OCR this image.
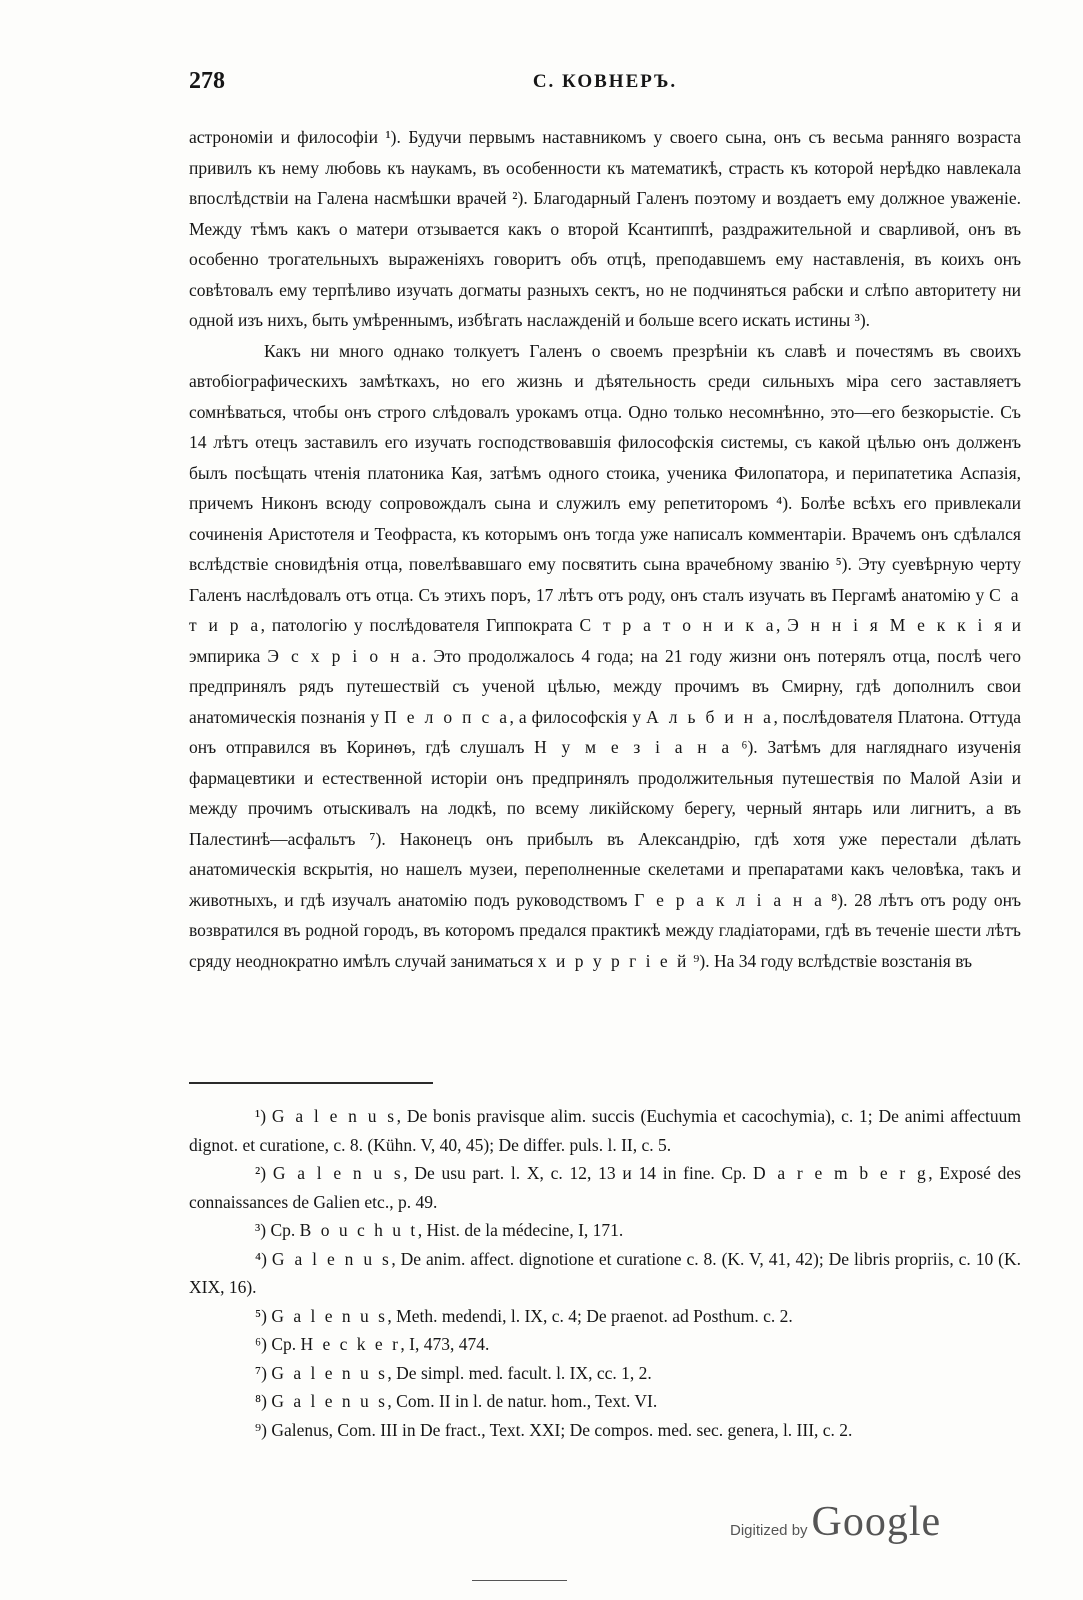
278	С. КОВНЕРЪ.

астрономіи и философіи ¹). Будучи первымъ наставникомъ у своего сына, онъ съ весьма ранняго возраста привилъ къ нему любовь къ наукамъ, въ особенности къ математикѣ, страсть къ которой нерѣдко навлекала впослѣдствіи на Галена насмѣшки врачей ²). Благодарный Галенъ поэтому и воздаетъ ему должное уваженіе. Между тѣмъ какъ о матери отзывается какъ о второй Ксантиппѣ, раздражительной и сварливой, онъ въ особенно трогательныхъ выраженіяхъ говоритъ объ отцѣ, преподавшемъ ему наставленія, въ коихъ онъ совѣтовалъ ему терпѣливо изучать догматы разныхъ сектъ, но не подчиняться рабски и слѣпо авторитету ни одной изъ нихъ, быть умѣреннымъ, избѣгать наслажденій и больше всего искать истины ³).

Какъ ни много однако толкуетъ Галенъ о своемъ презрѣніи къ славѣ и почестямъ въ своихъ автобіографическихъ замѣткахъ, но его жизнь и дѣятельность среди сильныхъ міра сего заставляетъ сомнѣваться, чтобы онъ строго слѣдовалъ урокамъ отца. Одно только несомнѣнно, это—его безкорыстіе. Съ 14 лѣтъ отецъ заставилъ его изучать господствовавшія философскія системы, съ какой цѣлью онъ долженъ былъ посѣщать чтенія платоника Кая, затѣмъ одного стоика, ученика Филопатора, и перипатетика Аспазія, причемъ Никонъ всюду сопровождалъ сына и служилъ ему репетиторомъ ⁴). Болѣе всѣхъ его привлекали сочиненія Аристотеля и Теофраста, къ которымъ онъ тогда уже написалъ комментаріи. Врачемъ онъ сдѣлался вслѣдствіе сновидѣнія отца, повелѣвавшаго ему посвятить сына врачебному званію ⁵). Эту суевѣрную черту Галенъ наслѣдовалъ отъ отца. Съ этихъ поръ, 17 лѣтъ отъ роду, онъ сталъ изучать въ Пергамѣ анатомію у С а т и р а, патологію у послѣдователя Гиппократа С т р а т о н и к а, Э н н і я М е к к і я и эмпирика Э с х р і о н а. Это продолжалось 4 года; на 21 году жизни онъ потерялъ отца, послѣ чего предпринялъ рядъ путешествій съ ученой цѣлью, между прочимъ въ Смирну, гдѣ дополнилъ свои анатомическія познанія у П е л о п с а, а философскія у А л ь б и н а, послѣдователя Платона. Оттуда онъ отправился въ Коринѳъ, гдѣ слушалъ Н у м е з і а н а ⁶). Затѣмъ для нагляднаго изученія фармацевтики и естественной исторіи онъ предпринялъ продолжительныя путешествія по Малой Азіи и между прочимъ отыскивалъ на лодкѣ, по всему ликійскому берегу, черный янтарь или лигнитъ, а въ Палестинѣ—асфальтъ ⁷). Наконецъ онъ прибылъ въ Александрію, гдѣ хотя уже перестали дѣлать анатомическія вскрытія, но нашелъ музеи, переполненные скелетами и препаратами какъ человѣка, такъ и животныхъ, и гдѣ изучалъ анатомію подъ руководствомъ Г е р а к л і а н а ⁸). 28 лѣтъ отъ роду онъ возвратился въ родной городъ, въ которомъ предался практикѣ между гладіаторами, гдѣ въ теченіе шести лѣтъ сряду неоднократно имѣлъ случай заниматься х и р у р г і е й ⁹). На 34 году вслѣдствіе возстанія въ

¹) G a l e n u s, De bonis pravisque alim. succis (Euchymia et cacochymia), c. 1; De animi affectuum dignot. et curatione, c. 8. (Kühn. V, 40, 45); De differ. puls. l. II, c. 5.

²) G a l e n u s, De usu part. l. X, c. 12, 13 и 14 in fine. Cp. D a r e m b e r g, Exposé des connaissances de Galien etc., p. 49.

³) Cp. B o u c h u t, Hist. de la médecine, I, 171.

⁴) G a l e n u s, De anim. affect. dignotione et curatione c. 8. (K. V, 41, 42); De libris propriis, c. 10 (K. XIX, 16).

⁵) G a l e n u s, Meth. medendi, l. IX, c. 4; De praenot. ad Posthum. c. 2.

⁶) Cp. H e c k e r, I, 473, 474.

⁷) G a l e n u s, De simpl. med. facult. l. IX, cc. 1, 2.

⁸) G a l e n u s, Com. II in l. de natur. hom., Text. VI.

⁹) Galenus, Com. III in De fract., Text. XXI; De compos. med. sec. genera, l. III, c. 2.

Digitized by Google
